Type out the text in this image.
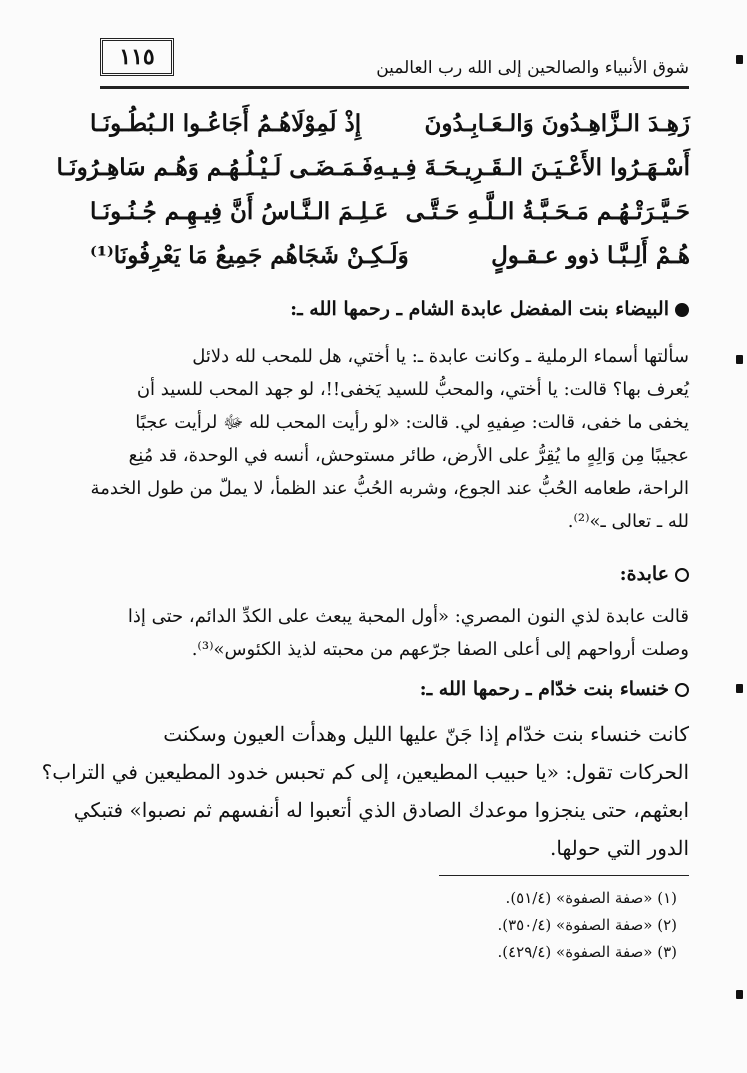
١١٥	شوق الأنبياء والصالحين إلى الله رب العالمين
زَهِـدَ الـزَّاهِـدُونَ وَالـعَـابِـدُونَ
إِذْ لَمِوْلَاهُـمُ أَجَاعُـوا الـبُطُـونَـا
أَسْـهَـرُوا الأَعْـيَـنَ الـقَـرِيـحَـةَ فِـيـهِ
فَـمَـضَـى لَـيْـلُـهُـم وَهُـم سَاهِـرُونَـا
حَـيَّـرَتْـهُـم مَـحَـبَّـةُ الـلَّـهِ حَـتَّـى
عَـلِـمَ الـنَّـاسُ أَنَّ فِيـهِـم جُـنُـونَـا
هُـمْ أَلِـبَّـا ذوو عـقـولٍ
وَلَـكِـنْ شَجَاهُم جَمِيعُ مَا يَعْرِفُونَا⁽¹⁾
البيضاء بنت المفضل عابدة الشام ـ رحمها الله ـ:
سألتها أسماء الرملية ـ وكانت عابدة ـ: يا أختي، هل للمحب لله دلائل
يُعرف بها؟ قالت: يا أختي، والمحبُّ للسيد يَخفى!!، لو جهد المحب للسيد أن
يخفى ما خفى، قالت: صِفيهِ لي. قالت: «لو رأيت المحب لله ﷻ لرأيت عجبًا
عجيبًا مِن وَالِهٍ ما يُقِرُّ على الأرض، طائر مستوحش، أنسه في الوحدة، قد مُنِع
الراحة، طعامه الحُبُّ عند الجوع، وشربه الحُبُّ عند الظمأ، لا يملّ من طول الخدمة
لله ـ تعالى ـ»⁽²⁾.
عابدة:
قالت عابدة لذي النون المصري: «أول المحبة يبعث على الكدِّ الدائم، حتى إذا
وصلت أرواحهم إلى أعلى الصفا جرّعهم من محبته لذيذ الكئوس»⁽³⁾.
خنساء بنت خدّام ـ رحمها الله ـ:
كانت خنساء بنت خدّام إذا جَنّ عليها الليل وهدأت العيون وسكنت
الحركات تقول: «يا حبيب المطيعين، إلى كم تحبس خدود المطيعين في التراب؟
ابعثهم، حتى ينجزوا موعدك الصادق الذي أتعبوا له أنفسهم ثم نصبوا» فتبكي
الدور التي حولها.
(١) «صفة الصفوة» (٥١/٤).
(٢) «صفة الصفوة» (٣٥٠/٤).
(٣) «صفة الصفوة» (٤٢٩/٤).
